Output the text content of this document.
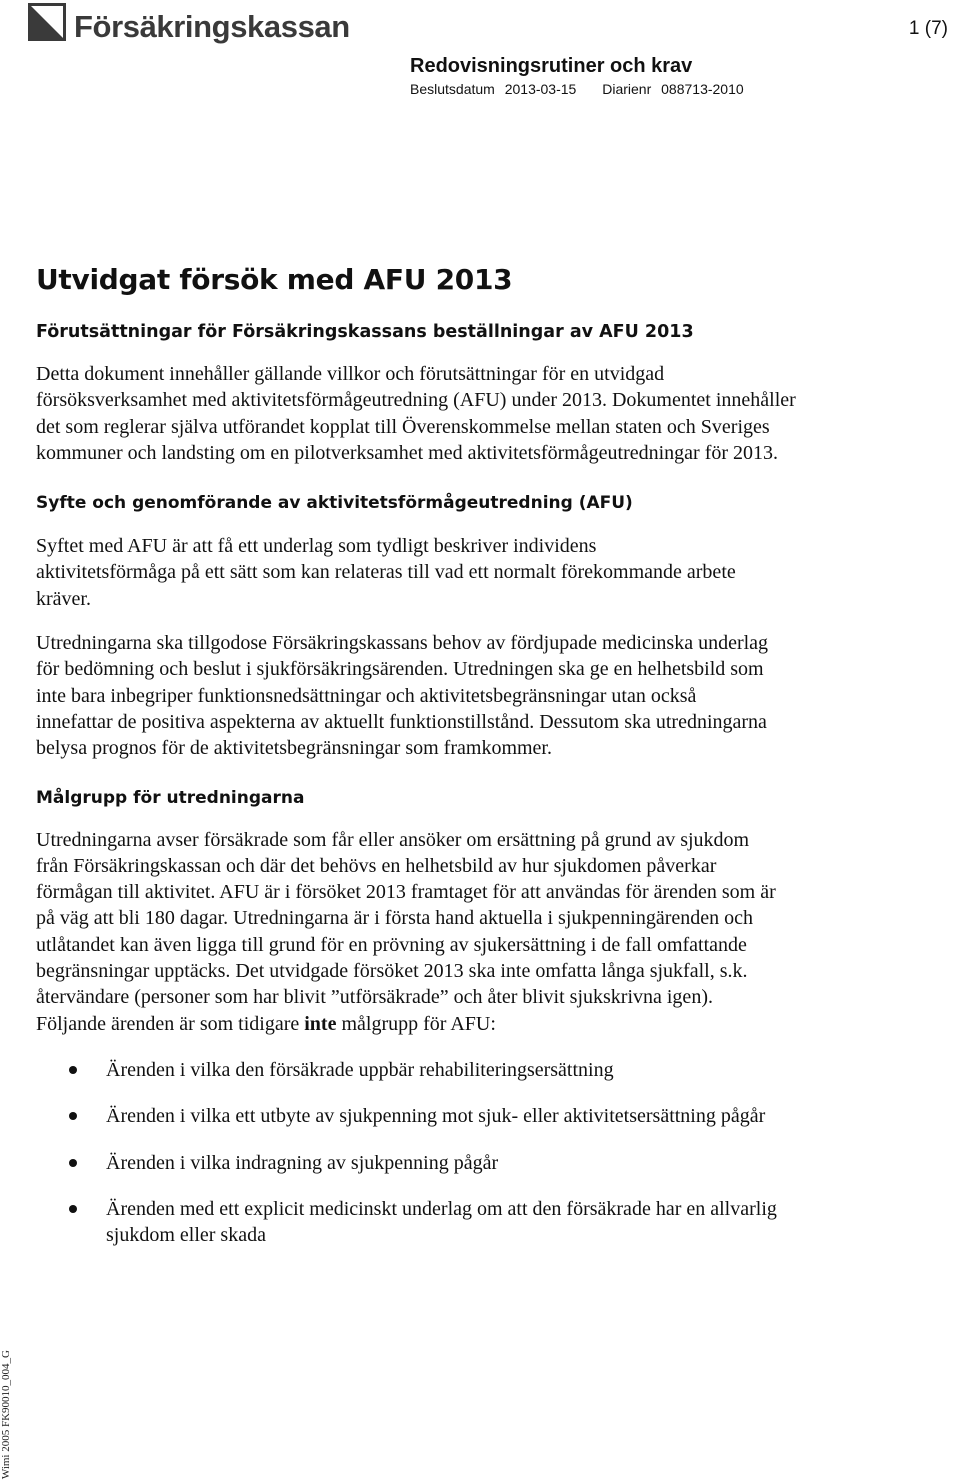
Försäkringskassan	1 (7)
Redovisningsrutiner och krav
Beslutsdatum 2013-03-15 Diarienr 088713-2010
Utvidgat försök med AFU 2013
Förutsättningar för Försäkringskassans beställningar av AFU 2013

Detta dokument innehåller gällande villkor och förutsättningar för en utvidgad försöksverksamhet med aktivitetsförmågeutredning (AFU) under 2013. Dokumentet innehåller det som reglerar själva utförandet kopplat till Överenskommelse mellan staten och Sveriges kommuner och landsting om en pilotverksamhet med aktivitetsförmågeutredningar för 2013.

Syfte och genomförande av aktivitetsförmågeutredning (AFU)

Syftet med AFU är att få ett underlag som tydligt beskriver individens aktivitetsförmåga på ett sätt som kan relateras till vad ett normalt förekommande arbete kräver.

Utredningarna ska tillgodose Försäkringskassans behov av fördjupade medicinska underlag för bedömning och beslut i sjukförsäkringsärenden. Utredningen ska ge en helhetsbild som inte bara inbegriper funktionsnedsättningar och aktivitetsbegränsningar utan också innefattar de positiva aspekterna av aktuellt funktionstillstånd. Dessutom ska utredningarna belysa prognos för de aktivitetsbegränsningar som framkommer.

Målgrupp för utredningarna

Utredningarna avser försäkrade som får eller ansöker om ersättning på grund av sjukdom från Försäkringskassan och där det behövs en helhetsbild av hur sjukdomen påverkar förmågan till aktivitet. AFU är i försöket 2013 framtaget för att användas för ärenden som är på väg att bli 180 dagar. Utredningarna är i första hand aktuella i sjukpenningärenden och utlåtandet kan även ligga till grund för en prövning av sjukersättning i de fall omfattande begränsningar upptäcks. Det utvidgade försöket 2013 ska inte omfatta långa sjukfall, s.k. återvändare (personer som har blivit ”utförsäkrade” och åter blivit sjukskrivna igen). Följande ärenden är som tidigare inte målgrupp för AFU:

Ärenden i vilka den försäkrade uppbär rehabiliteringsersättning
Ärenden i vilka ett utbyte av sjukpenning mot sjuk- eller aktivitetsersättning pågår
Ärenden i vilka indragning av sjukpenning pågår
Ärenden med ett explicit medicinskt underlag om att den försäkrade har en allvarlig sjukdom eller skada
Wimi 2005 FK90010_004_G
